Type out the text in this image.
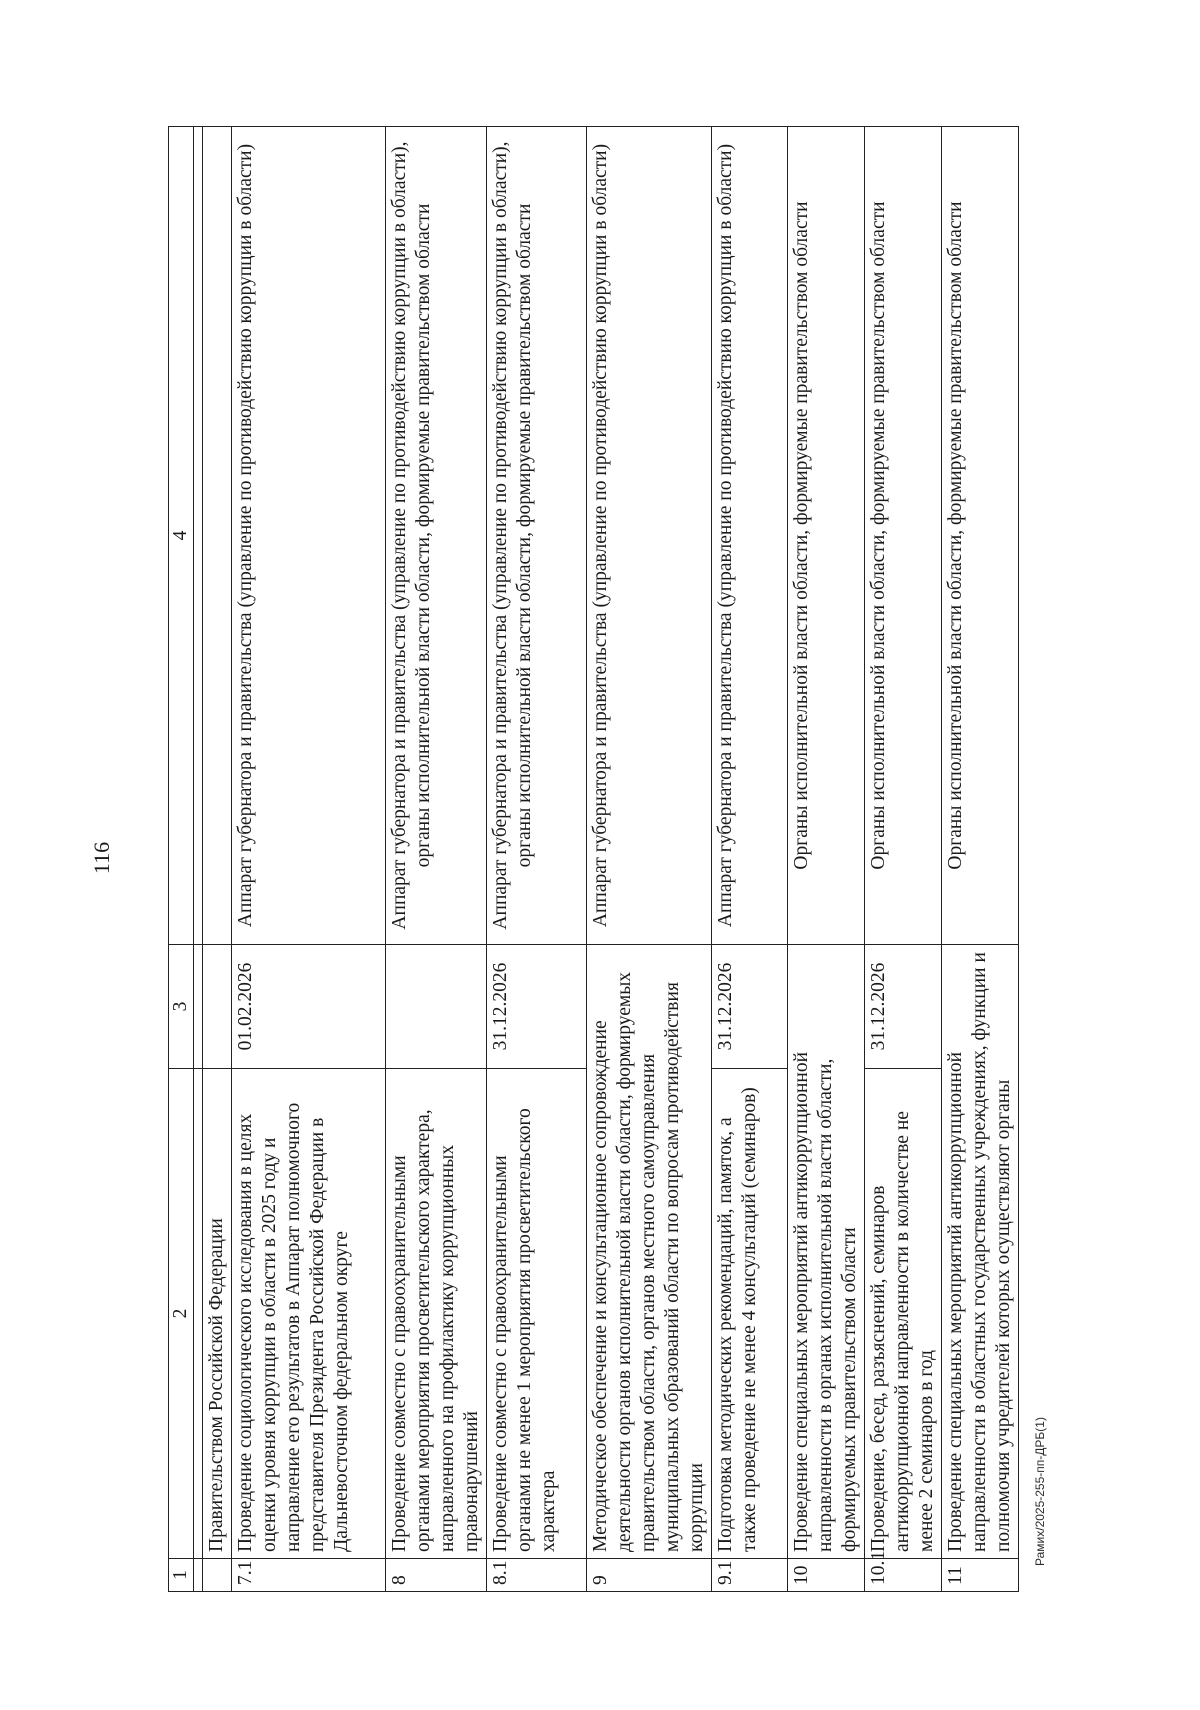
116
Рамих/2025-255-пп-ДРБ(1)
1	2	3	4

	Правительством Российской Федерации		
7.1	Проведение социологического исследования в целях оценки уровня коррупции в области в 2025 году и направление его результатов в Аппарат полномочного представителя Президента Российской Федерации в Дальневосточном федеральном округе	01.02.2026	Аппарат губернатора и правительства (управление по противодействию коррупции в области)
8	Проведение совместно с правоохранительными органами мероприятия просветительского характера, направленного на профилактику коррупционных правонарушений		Аппарат губернатора и правительства (управление по противодействию коррупции в области), органы исполнительной власти области, формируемые правительством области
8.1	Проведение совместно с правоохранительными органами не менее 1 мероприятия просветительского характера	31.12.2026	Аппарат губернатора и правительства (управление по противодействию коррупции в области), органы исполнительной власти области, формируемые правительством области
9	Методическое обеспечение и консультационное сопровождение деятельности органов исполнительной власти области, формируемых правительством области, органов местного самоуправления муниципальных образований области по вопросам противодействия коррупции		Аппарат губернатора и правительства (управление по противодействию коррупции в области)
9.1	Подготовка методических рекомендаций, памяток, а также проведение не менее 4 консультаций (семинаров)	31.12.2026	Аппарат губернатора и правительства (управление по противодействию коррупции в области)
10	Проведение специальных мероприятий антикоррупционной направленности в органах исполнительной власти области, формируемых правительством области		Органы исполнительной власти области, формируемые правительством области
10.1	Проведение, бесед, разъяснений, семинаров антикоррупционной направленности в количестве не менее 2 семинаров в год	31.12.2026	Органы исполнительной власти области, формируемые правительством области
11	Проведение специальных мероприятий антикоррупционной направленности в областных государственных учреждениях, функции и полномочия учредителей которых осуществляют органы		Органы исполнительной власти области, формируемые правительством области
